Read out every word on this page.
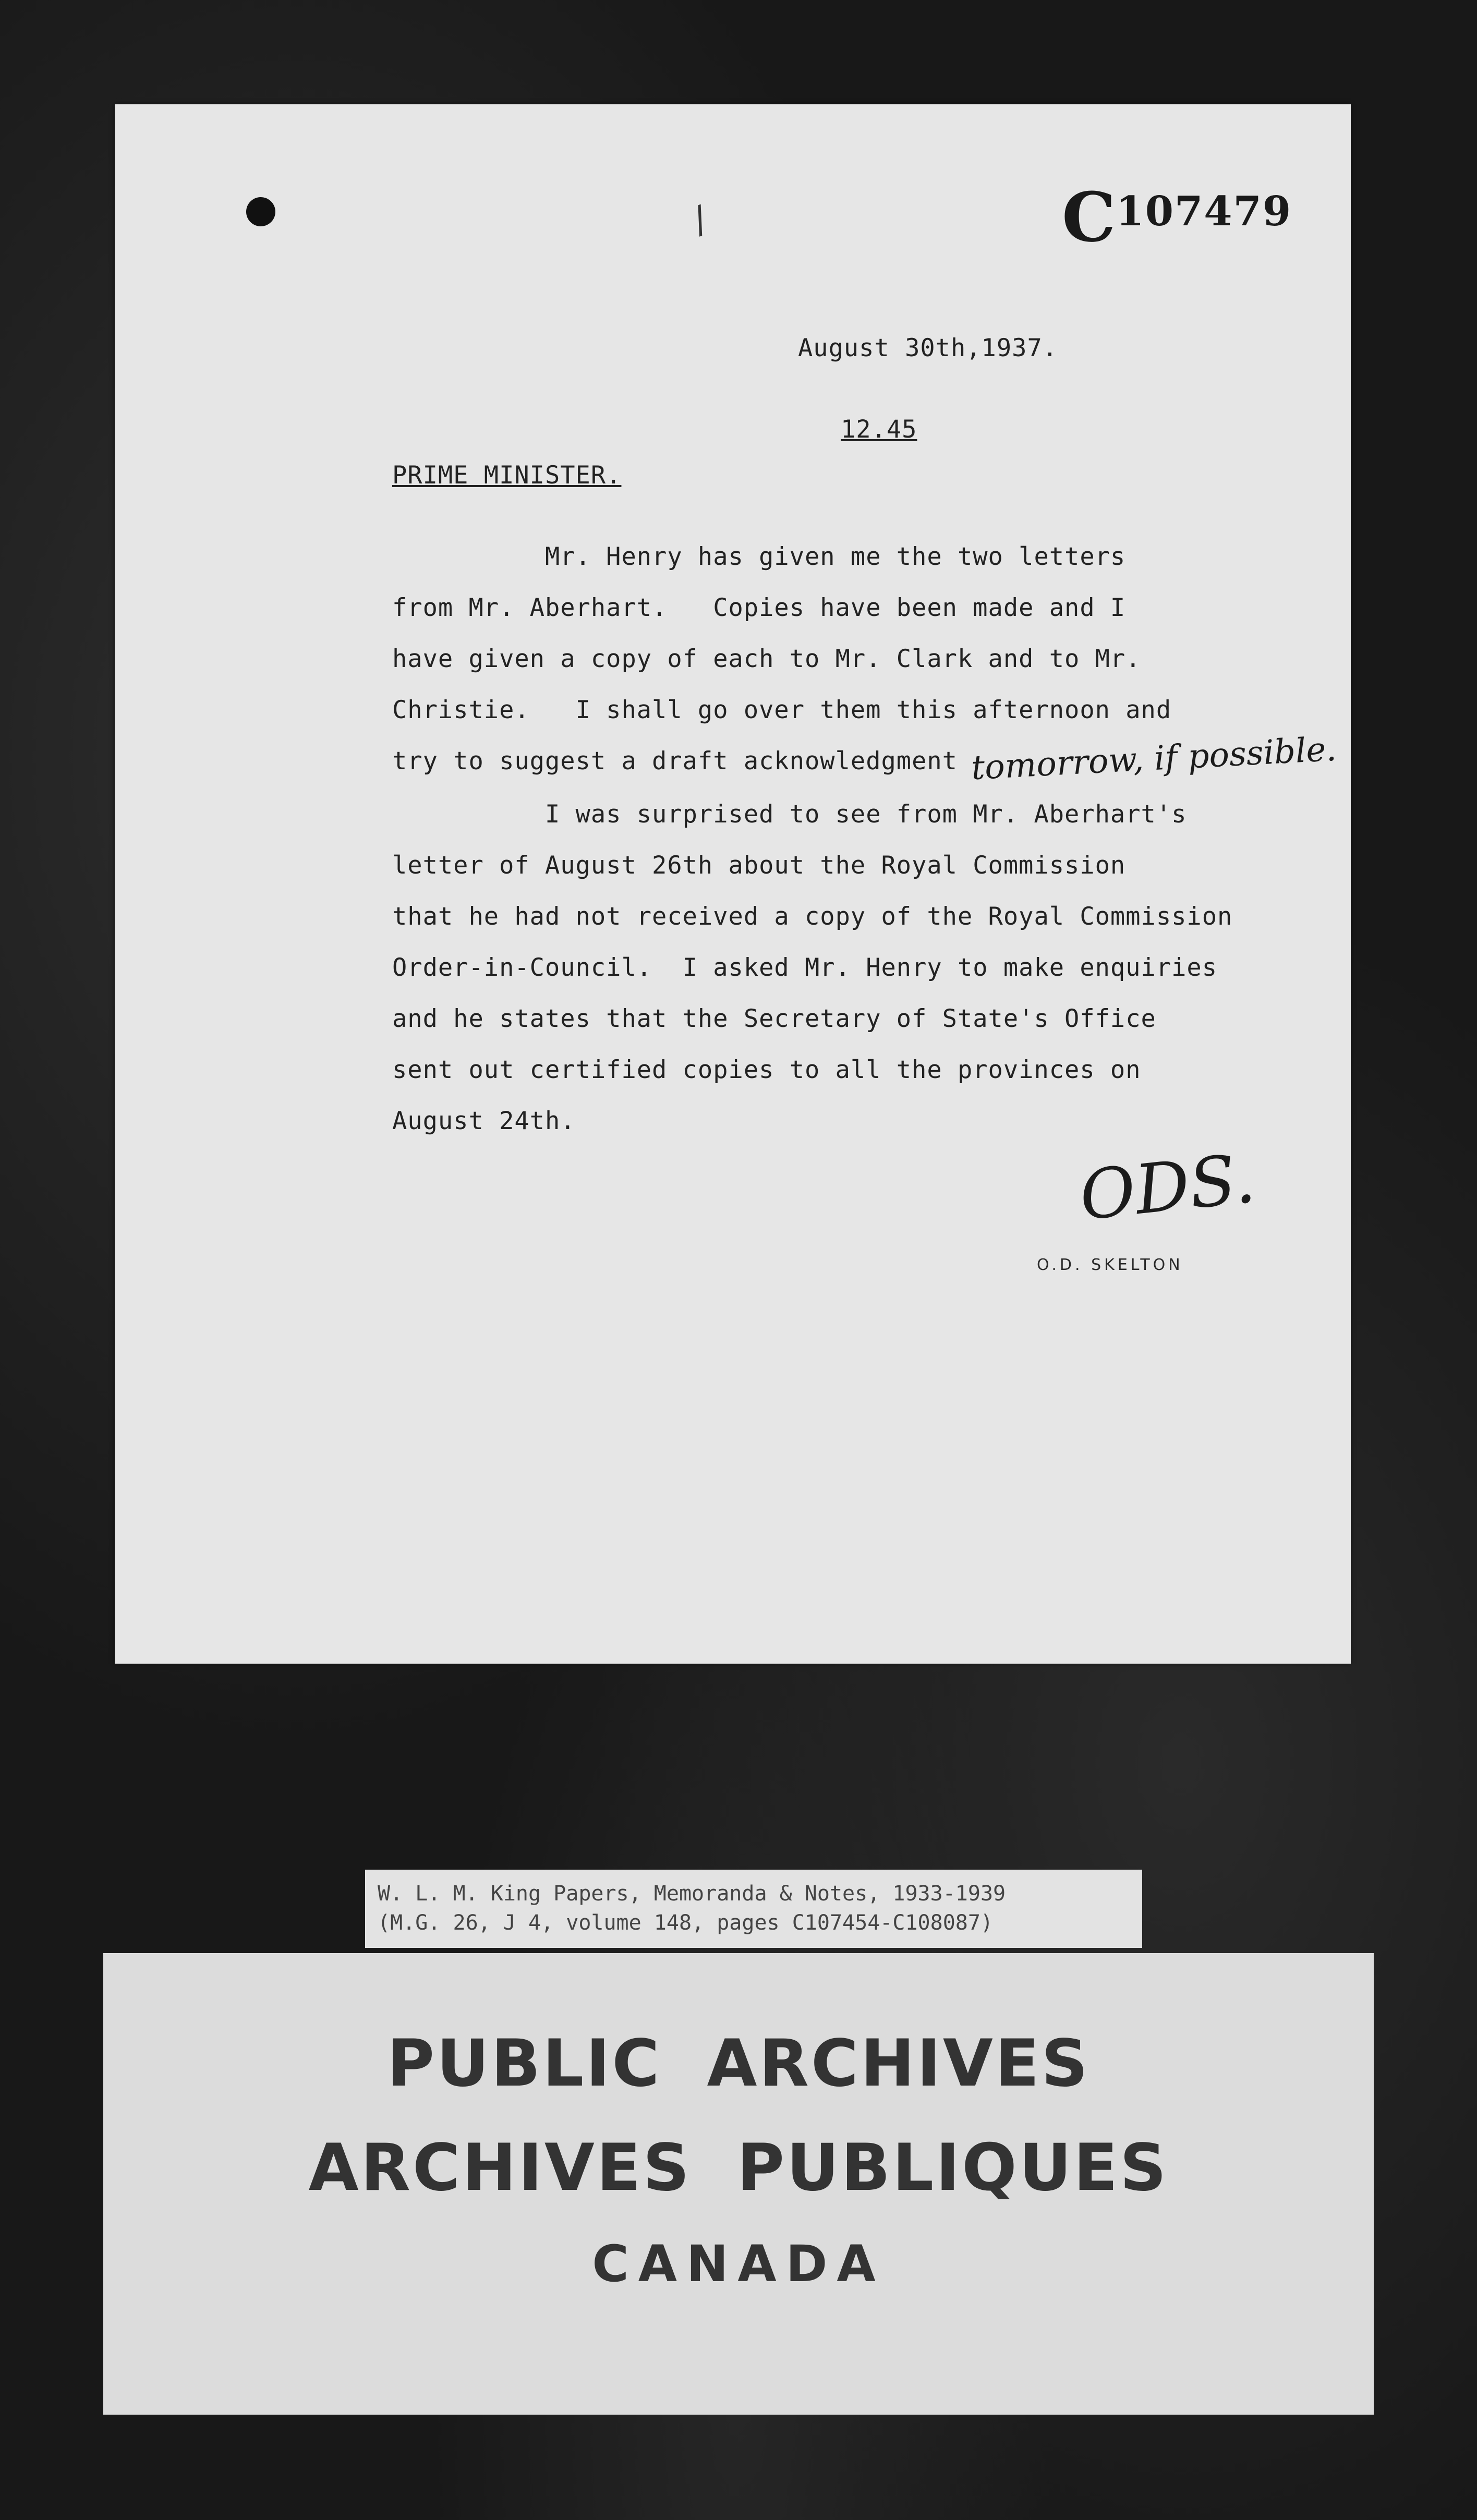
/	C107479
August 30th,1937.
12.45
PRIME MINISTER.
Mr. Henry has given me the two letters
from Mr. Aberhart.   Copies have been made and I
have given a copy of each to Mr. Clark and to Mr.
Christie.   I shall go over them this afternoon and
try to suggest a draft acknowledgment
I was surprised to see from Mr. Aberhart's
letter of August 26th about the Royal Commission
that he had not received a copy of the Royal Commission
Order-in-Council.  I asked Mr. Henry to make enquiries
and he states that the Secretary of State's Office
sent out certified copies to all the provinces on
August 24th.
tomorrow, if possible.
ODS.
O.D. SKELTON
W. L. M. King Papers, Memoranda & Notes, 1933-1939
(M.G. 26, J 4, volume 148, pages C107454-C108087)
PUBLIC ARCHIVES
ARCHIVES PUBLIQUES
CANADA
